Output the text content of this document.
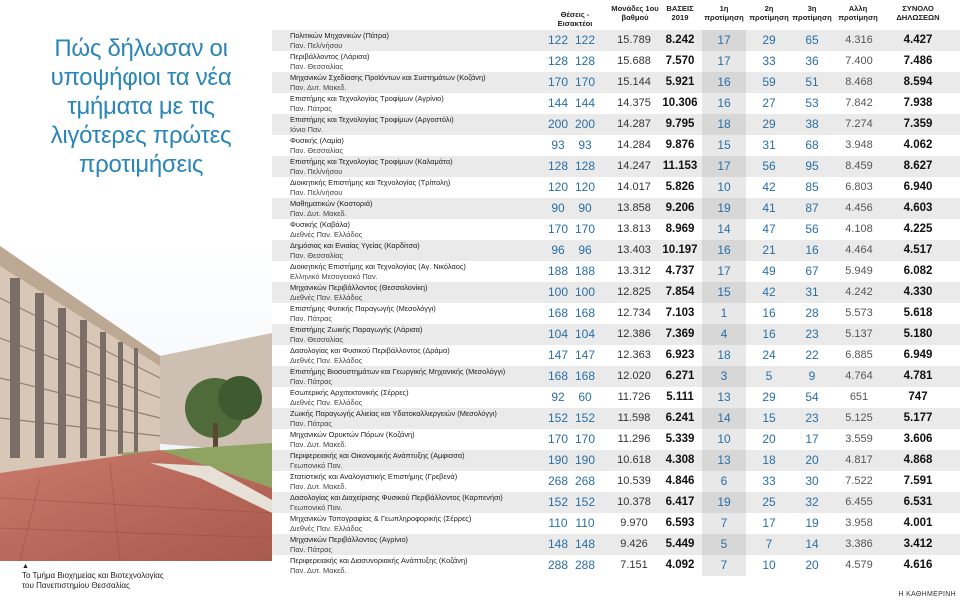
Πώς δήλωσαν οι υποψήφιοι τα νέα τμήματα με τις λιγότερες πρώτες προτιμήσεις
▲
Το Τμήμα Βιοχημείας και Βιοτεχνολογίας
του Πανεπιστημίου Θεσσαλίας
Θέσεις - Εισακτέοι
Μονάδες 1ου βαθμού
ΒΑΣΕΙΣ 2019
1η προτίμηση
2η προτίμηση
3η προτίμηση
Αλλη προτίμηση
ΣΥΝΟΛΟ ΔΗΛΩΣΕΩΝ
Πολιτικών Μηχανικών (Πάτρα)
Παν. Πελ/νήσου	122 122	15.789	8.242	17	29	65	4.316	4.427
Περιβάλλοντος (Λάρισα)
Παν. Θεσσαλίας	128 128	15.688	7.570	17	33	36	7.400	7.486
Μηχανικών Σχεδίασης Προϊόντων και Συστημάτων (Κοζάνη)
Παν. Δυτ. Μακεδ.	170 170	15.144	5.921	16	59	51	8.468	8.594
Επιστήμης και Τεχνολογίας Τροφίμων (Αγρίνιο)
Παν. Πάτρας	144 144	14.375	10.306	16	27	53	7.842	7.938
Επιστήμης και Τεχνολογίας Τροφίμων (Αργοστόλι)
Ιόνιο Παν.	200 200	14.287	9.795	18	29	38	7.274	7.359
Φυσικής (Λαμία)
Παν. Θεσσαλίας	93	93	14.284	9.876	15	31	68	3.948	4.062
Επιστήμης και Τεχνολογίας Τροφίμων (Καλαμάτα)
Παν. Πελ/νήσου	128 128	14.247	11.153	17	56	95	8.459	8.627
Διοικητικής Επιστήμης και Τεχνολογίας (Τρίπολη)
Παν. Πελ/νήσου	120 120	14.017	5.826	10	42	85	6.803	6.940
Μαθηματικών (Καστοριά)
Παν. Δυτ. Μακεδ.	90	90	13.858	9.206	19	41	87	4.456	4.603
Φυσικής (Καβάλα)
Διεθνές Παν. Ελλάδος	170 170	13.813	8.969	14	47	56	4.108	4.225
Δημόσιας και Ενιαίας Υγείας (Καρδίτσα)
Παν. Θεσσαλίας	96	96	13.403	10.197	16	21	16	4.464	4.517
Διοικητικής Επιστήμης και Τεχνολογίας (Αγ. Νικόλαος)
Ελληνικό Μεσογειακό Παν.	188 188	13.312	4.737	17	49	67	5.949	6.082
Μηχανικών Περιβάλλοντος (Θεσσαλονίκη)
Διεθνές Παν. Ελλάδος	100 100	12.825	7.854	15	42	31	4.242	4.330
Επιστήμης Φυτικής Παραγωγής (Μεσολόγγι)
Παν. Πάτρας	168 168	12.734	7.103	1	16	28	5.573	5.618
Επιστήμης Ζωικής Παραγωγής (Λάρισα)
Παν. Θεσσαλίας	104 104	12.386	7.369	4	16	23	5.137	5.180
Δασολογίας και Φυσικού Περιβάλλοντος (Δράμα)
Διεθνές Παν. Ελλάδος	147 147	12.363	6.923	18	24	22	6.885	6.949
Επιστήμης Βιοσυστημάτων και Γεωργικής Μηχανικής (Μεσολόγγι)
Παν. Πάτρας	168 168	12.020	6.271	3	5	9	4.764	4.781
Εσωτερικής Αρχιτεκτονικής (Σέρρες)
Διεθνές Παν. Ελλάδος	92	60	11.726	5.111	13	29	54	651	747
Ζωικής Παραγωγής Αλιείας και Υδατοκαλλιεργειών (Μεσολόγγι)
Παν. Πάτρας	152 152	11.598	6.241	14	15	23	5.125	5.177
Μηχανικών Ορυκτών Πόρων (Κοζάνη)
Παν. Δυτ. Μακεδ.	170 170	11.296	5.339	10	20	17	3.559	3.606
Περιφερειακής και Οικονομικής Ανάπτυξης (Αμφισσα)
Γεωπονικό Παν.	190 190	10.618	4.308	13	18	20	4.817	4.868
Στατιστικής και Αναλογιστικής Επιστήμης (Γρεβενά)
Παν. Δυτ. Μακεδ.	268 268	10.539	4.846	6	33	30	7.522	7.591
Δασολογίας και Διαχείρισης Φυσικού Περιβάλλοντος (Καρπενήσι)
Γεωπονικό Παν.	152 152	10.378	6.417	19	25	32	6.455	6.531
Μηχανικών Τοπογραφίας & Γεωπληροφορικής (Σέρρες)
Διεθνές Παν. Ελλάδος	110 110	9.970	6.593	7	17	19	3.958	4.001
Μηχανικών Περιβάλλοντος (Αγρίνιο)
Παν. Πάτρας	148 148	9.426	5.449	5	7	14	3.386	3.412
Περιφερειακής και Διασυνοριακής Ανάπτυξης (Κοζάνη)
Παν. Δυτ. Μακεδ.	288 288	7.151	4.092	7	10	20	4.579	4.616
Η ΚΑΘΗΜΕΡΙΝΗ
